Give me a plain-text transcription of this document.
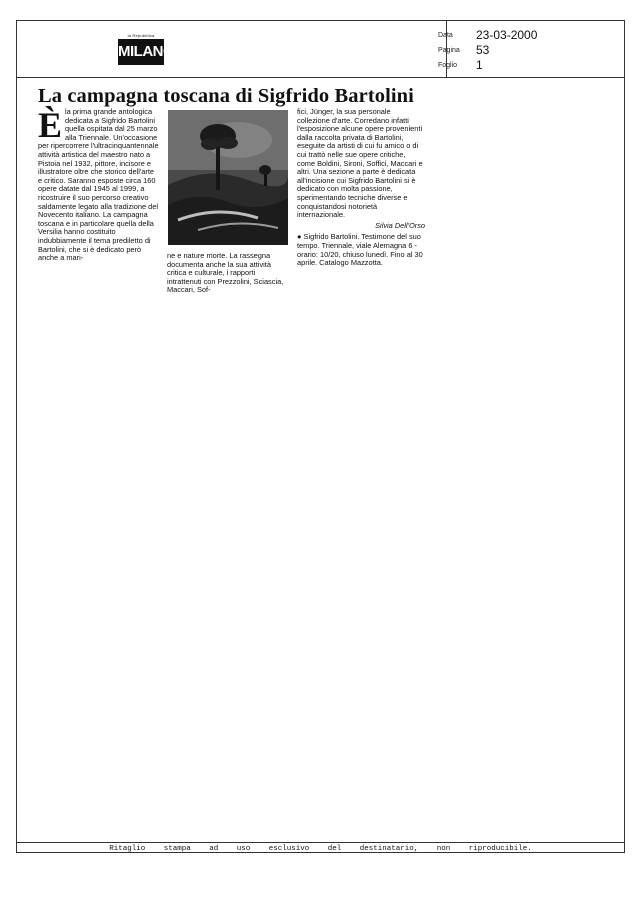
la Repubblica
MILANO
Data 23-03-2000
Pagina 53
Foglio 1
La campagna toscana di Sigfrido Bartolini
È la prima grande antologica dedicata a Sigfrido Bartolini quella ospitata dal 25 marzo alla Triennale. Un'occasione per ripercorrere l'ultracinquantennale attività artistica del maestro nato a Pistoia nel 1932, pittore, incisore e illustratore oltre che storico dell'arte e critico. Saranno esposte circa 160 opere datate dal 1945 al 1999, a ricostruire il suo percorso creativo saldamente legato alla tradizione del Novecento italiano. La campagna toscana e in particolare quella della Versilia hanno costituito indubbiamente il tema prediletto di Bartolini, che si è dedicato però anche a mari-	ne e nature morte. La rassegna documenta anche la sua attività critica e culturale, i rapporti intrattenuti con Prezzolini, Sciascia, Maccari, Sof-

fici, Jünger, la sua personale collezione d'arte. Corredano infatti l'esposizione alcune opere provenienti dalla raccolta privata di Bartolini, eseguite da artisti di cui fu amico o di cui trattò nelle sue opere critiche, come Boldini, Sironi, Soffici, Maccari e altri. Una sezione a parte è dedicata all'incisione cui Sigfrido Bartolini si è dedicato con molta passione, sperimentando tecniche diverse e conquistandosi notorietà internazionale.

Silvia Dell'Orso

● Sigfrido Bartolini. Testimone del suo tempo. Triennale, viale Alemagna 6 - orario: 10/20, chiuso lunedì. Fino al 30 aprile. Catalogo Mazzotta.

Ritaglio stampa ad uso esclusivo del destinatario, non riproducibile.
